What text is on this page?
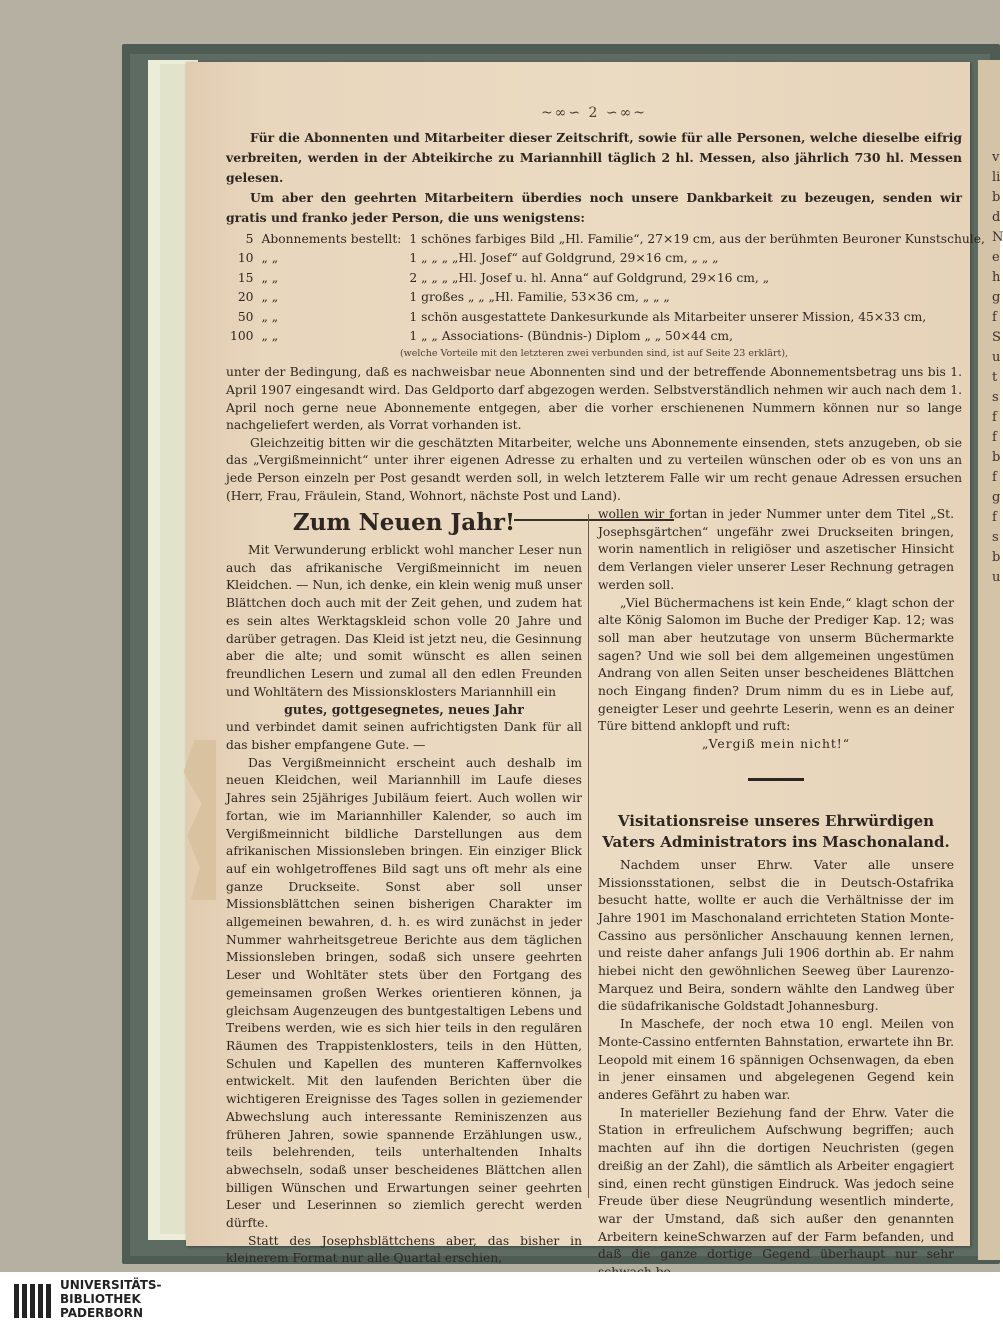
v
li
b
d
N
e
h
g
f
S
u
t
s
f
f
b
f
g
f
s
b
u
~∞∽ 2 ∽∞~

Für die Abonnenten und Mitarbeiter dieser Zeitschrift, sowie für alle Personen, welche dieselbe eifrig verbreiten, werden in der Abteikirche zu Mariannhill täglich 2 hl. Messen, also jährlich 730 hl. Messen gelesen.

Um aber den geehrten Mitarbeitern überdies noch unsere Dankbarkeit zu bezeugen, senden wir gratis und franko jeder Person, die uns wenigstens:

5	Abonnements bestellt:	1 schönes farbiges Bild „Hl. Familie“, 27×19 cm, aus der berühmten Beuroner Kunstschule,
10	„ „	1 „ „ „ „Hl. Josef“ auf Goldgrund, 29×16 cm, „ „ „
15	„ „	2 „ „ „ „Hl. Josef u. hl. Anna“ auf Goldgrund, 29×16 cm, „
20	„ „	1 großes „ „ „Hl. Familie, 53×36 cm, „ „ „
50	„ „	1 schön ausgestattete Dankesurkunde als Mitarbeiter unserer Mission, 45×33 cm,
100	„ „	1 „ „ Associations- (Bündnis-) Diplom „ „ 50×44 cm,
(welche Vorteile mit den letzteren zwei verbunden sind, ist auf Seite 23 erklärt),

unter der Bedingung, daß es nachweisbar neue Abonnenten sind und der betreffende Abonnementsbetrag uns bis 1. April 1907 eingesandt wird. Das Geldporto darf abgezogen werden. Selbstverständlich nehmen wir auch nach dem 1. April noch gerne neue Abonnemente entgegen, aber die vorher erschienenen Nummern können nur so lange nachgeliefert werden, als Vorrat vorhanden ist.

Gleichzeitig bitten wir die geschätzten Mitarbeiter, welche uns Abonnemente einsenden, stets anzugeben, ob sie das „Vergißmeinnicht“ unter ihrer eigenen Adresse zu erhalten und zu verteilen wünschen oder ob es von uns an jede Person einzeln per Post gesandt werden soll, in welch letzterem Falle wir um recht genaue Adressen ersuchen (Herr, Frau, Fräulein, Stand, Wohnort, nächste Post und Land).

Zum Neuen Jahr!

Mit Verwunderung erblickt wohl mancher Leser nun auch das afrikanische Vergißmeinnicht im neuen Kleidchen. — Nun, ich denke, ein klein wenig muß unser Blättchen doch auch mit der Zeit gehen, und zudem hat es sein altes Werktagskleid schon volle 20 Jahre und darüber getragen. Das Kleid ist jetzt neu, die Gesinnung aber die alte; und somit wünscht es allen seinen freundlichen Lesern und zumal all den edlen Freunden und Wohltätern des Missionsklosters Mariannhill ein

gutes, gottgesegnetes, neues Jahr
und verbindet damit seinen aufrichtigsten Dank für all das bisher empfangene Gute. —

Das Vergißmeinnicht erscheint auch deshalb im neuen Kleidchen, weil Mariannhill im Laufe dieses Jahres sein 25jähriges Jubiläum feiert. Auch wollen wir fortan, wie im Mariannhiller Kalender, so auch im Vergißmeinnicht bildliche Darstellungen aus dem afrikanischen Missionsleben bringen. Ein einziger Blick auf ein wohlgetroffenes Bild sagt uns oft mehr als eine ganze Druckseite. Sonst aber soll unser Missionsblättchen seinen bisherigen Charakter im allgemeinen bewahren, d. h. es wird zunächst in jeder Nummer wahrheitsgetreue Berichte aus dem täglichen Missionsleben bringen, sodaß sich unsere geehrten Leser und Wohltäter stets über den Fortgang des gemeinsamen großen Werkes orientieren können, ja gleichsam Augenzeugen des buntgestaltigen Lebens und Treibens werden, wie es sich hier teils in den regulären Räumen des Trappistenklosters, teils in den Hütten, Schulen und Kapellen des munteren Kaffernvolkes entwickelt. Mit den laufenden Berichten über die wichtigeren Ereignisse des Tages sollen in geziemender Abwechslung auch interessante Reminiszenzen aus früheren Jahren, sowie spannende Erzählungen usw., teils belehrenden, teils unterhaltenden Inhalts abwechseln, sodaß unser bescheidenes Blättchen allen billigen Wünschen und Erwartungen seiner geehrten Leser und Leserinnen so ziemlich gerecht werden dürfte.

Statt des Josephsblättchens aber, das bisher in kleinerem Format nur alle Quartal erschien,

wollen wir fortan in jeder Nummer unter dem Titel „St. Josephsgärtchen“ ungefähr zwei Druckseiten bringen, worin namentlich in religiöser und aszetischer Hinsicht dem Verlangen vieler unserer Leser Rechnung getragen werden soll.

„Viel Büchermachens ist kein Ende,“ klagt schon der alte König Salomon im Buche der Prediger Kap. 12; was soll man aber heutzutage von unserm Büchermarkte sagen? Und wie soll bei dem allgemeinen ungestümen Andrang von allen Seiten unser bescheidenes Blättchen noch Eingang finden? Drum nimm du es in Liebe auf, geneigter Leser und geehrte Leserin, wenn es an deiner Türe bittend anklopft und ruft:

„Vergiß mein nicht!“
Visitationsreise unseres Ehrwürdigen Vaters Administrators ins Maschonaland.

Nachdem unser Ehrw. Vater alle unsere Missionsstationen, selbst die in Deutsch-Ostafrika besucht hatte, wollte er auch die Verhältnisse der im Jahre 1901 im Maschonaland errichteten Station Monte-Cassino aus persönlicher Anschauung kennen lernen, und reiste daher anfangs Juli 1906 dorthin ab. Er nahm hiebei nicht den gewöhnlichen Seeweg über Laurenzo-Marquez und Beira, sondern wählte den Landweg über die südafrikanische Goldstadt Johannesburg.

In Maschefe, der noch etwa 10 engl. Meilen von Monte-Cassino entfernten Bahnstation, erwartete ihn Br. Leopold mit einem 16 spännigen Ochsenwagen, da eben in jener einsamen und abgelegenen Gegend kein anderes Gefährt zu haben war.

In materieller Beziehung fand der Ehrw. Vater die Station in erfreulichem Aufschwung begriffen; auch machten auf ihn die dortigen Neuchristen (gegen dreißig an der Zahl), die sämtlich als Arbeiter engagiert sind, einen recht günstigen Eindruck. Was jedoch seine Freude über diese Neugründung wesentlich minderte, war der Umstand, daß sich außer den genannten Arbeitern keineSchwarzen auf der Farm befanden, und daß die ganze dortige Gegend überhaupt nur sehr

UNIVERSITÄTS-
BIBLIOTHEK
PADERBORN
